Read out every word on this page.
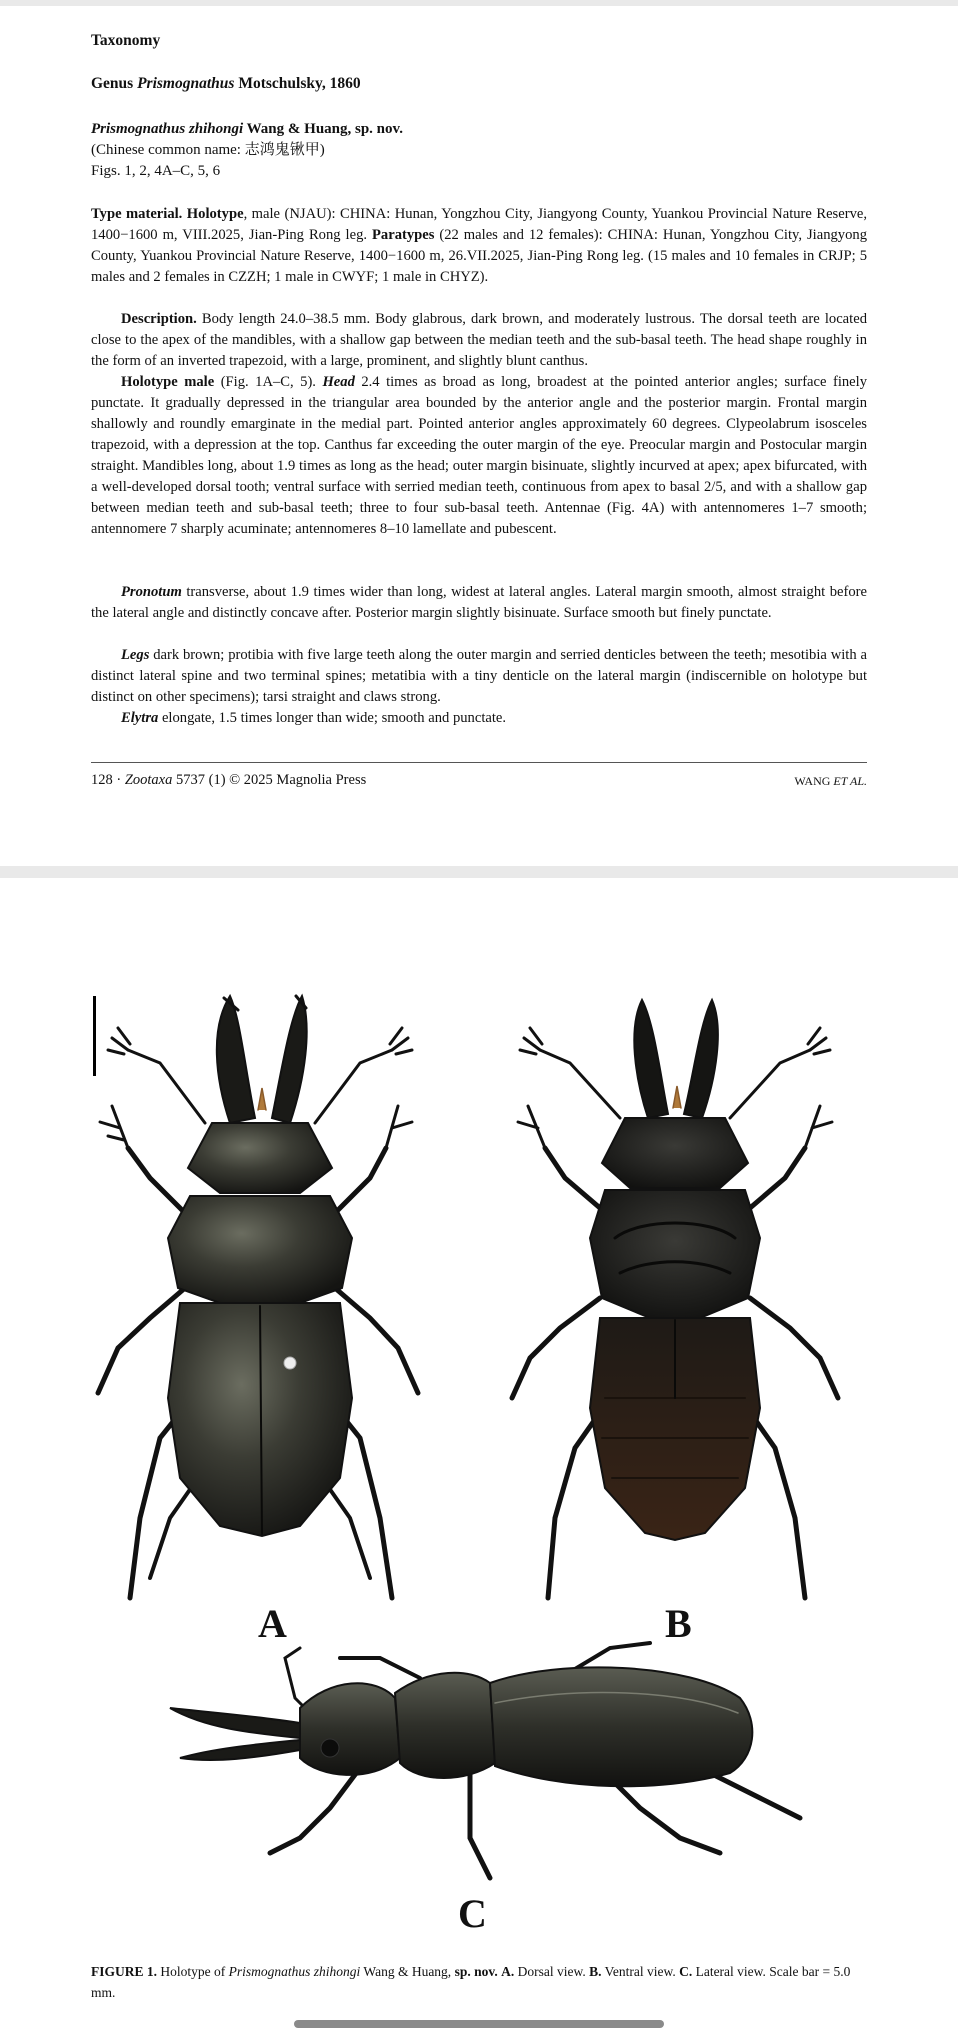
Taxonomy
Genus Prismognathus Motschulsky, 1860
Prismognathus zhihongi Wang & Huang, sp. nov.
(Chinese common name: 志鸿鬼锹甲)
Figs. 1, 2, 4A–C, 5, 6
Type material. Holotype, male (NJAU): CHINA: Hunan, Yongzhou City, Jiangyong County, Yuankou Provincial Nature Reserve, 1400−1600 m, VIII.2025, Jian-Ping Rong leg. Paratypes (22 males and 12 females): CHINA: Hunan, Yongzhou City, Jiangyong County, Yuankou Provincial Nature Reserve, 1400−1600 m, 26.VII.2025, Jian-Ping Rong leg. (15 males and 10 females in CRJP; 5 males and 2 females in CZZH; 1 male in CWYF; 1 male in CHYZ).
Description. Body length 24.0–38.5 mm. Body glabrous, dark brown, and moderately lustrous. The dorsal teeth are located close to the apex of the mandibles, with a shallow gap between the median teeth and the sub-basal teeth. The head shape roughly in the form of an inverted trapezoid, with a large, prominent, and slightly blunt canthus.
Holotype male (Fig. 1A–C, 5). Head 2.4 times as broad as long, broadest at the pointed anterior angles; surface finely punctate. It gradually depressed in the triangular area bounded by the anterior angle and the posterior margin. Frontal margin shallowly and roundly emarginate in the medial part. Pointed anterior angles approximately 60 degrees. Clypeolabrum isosceles trapezoid, with a depression at the top. Canthus far exceeding the outer margin of the eye. Preocular margin and Postocular margin straight. Mandibles long, about 1.9 times as long as the head; outer margin bisinuate, slightly incurved at apex; apex bifurcated, with a well-developed dorsal tooth; ventral surface with serried median teeth, continuous from apex to basal 2/5, and with a shallow gap between median teeth and sub-basal teeth; three to four sub-basal teeth. Antennae (Fig. 4A) with antennomeres 1–7 smooth; antennomere 7 sharply acuminate; antennomeres 8–10 lamellate and pubescent.
Pronotum transverse, about 1.9 times wider than long, widest at lateral angles. Lateral margin smooth, almost straight before the lateral angle and distinctly concave after. Posterior margin slightly bisinuate. Surface smooth but finely punctate.
Legs dark brown; protibia with five large teeth along the outer margin and serried denticles between the teeth; mesotibia with a distinct lateral spine and two terminal spines; metatibia with a tiny denticle on the lateral margin (indiscernible on holotype but distinct on other specimens); tarsi straight and claws strong.
Elytra elongate, 1.5 times longer than wide; smooth and punctate.
128 · Zootaxa 5737 (1) © 2025 Magnolia Press	WANG ET AL.
A	B
C
FIGURE 1. Holotype of Prismognathus zhihongi Wang & Huang, sp. nov. A. Dorsal view. B. Ventral view. C. Lateral view. Scale bar = 5.0 mm.
